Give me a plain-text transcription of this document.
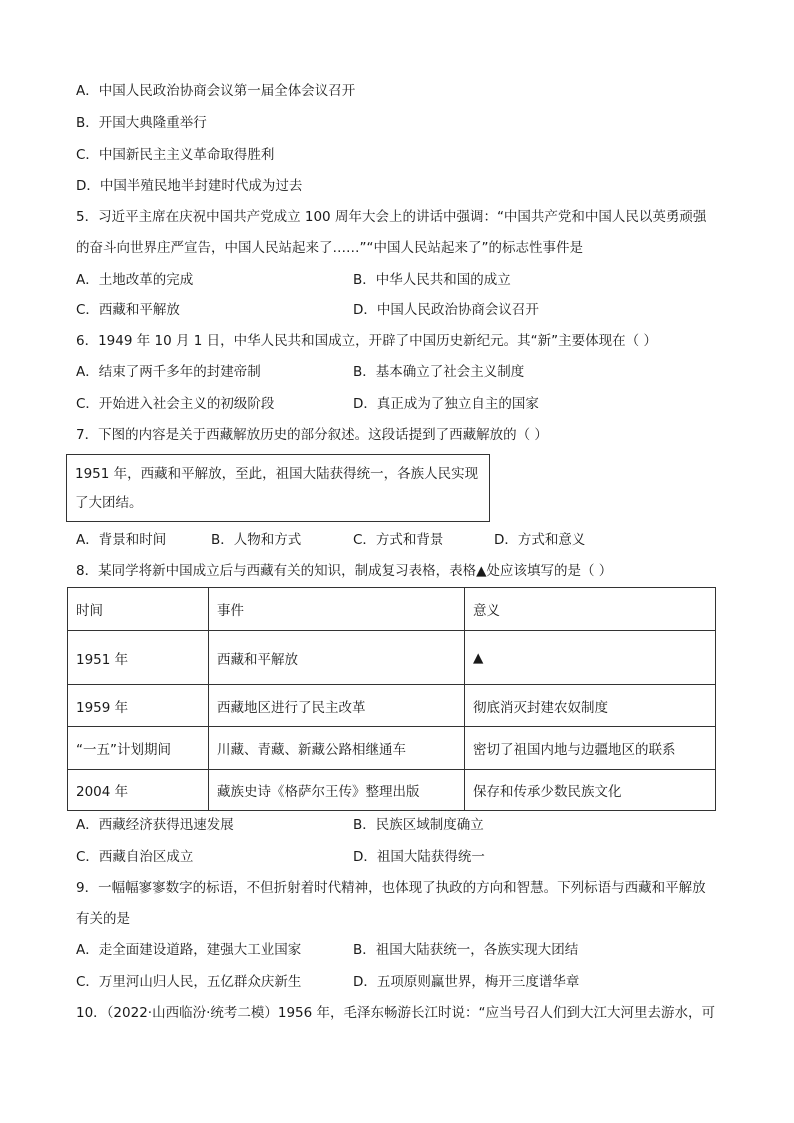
A．中国人民政治协商会议第一届全体会议召开
B．开国大典隆重举行
C．中国新民主主义革命取得胜利
D．中国半殖民地半封建时代成为过去
5．习近平主席在庆祝中国共产党成立 100 周年大会上的讲话中强调：“中国共产党和中国人民以英勇顽强
的奋斗向世界庄严宣告，中国人民站起来了……”“中国人民站起来了”的标志性事件是
A．土地改革的完成	B．中华人民共和国的成立
C．西藏和平解放	D．中国人民政治协商会议召开
6．1949 年 10 月 1 日，中华人民共和国成立，开辟了中国历史新纪元。其“新”主要体现在（ ）
A．结束了两千多年的封建帝制	B．基本确立了社会主义制度
C．开始进入社会主义的初级阶段	D．真正成为了独立自主的国家
7．下图的内容是关于西藏解放历史的部分叙述。这段话提到了西藏解放的（ ）
1951 年，西藏和平解放，至此，祖国大陆获得统一，各族人民实现
了大团结。
A．背景和时间	B．人物和方式	C．方式和背景	D．方式和意义
8．某同学将新中国成立后与西藏有关的知识，制成复习表格，表格▲处应该填写的是（ ）
时间	事件	意义
1951 年	西藏和平解放	▲
1959 年	西藏地区进行了民主改革	彻底消灭封建农奴制度
“一五”计划期间	川藏、青藏、新藏公路相继通车	密切了祖国内地与边疆地区的联系
2004 年	藏族史诗《格萨尔王传》整理出版	保存和传承少数民族文化
A．西藏经济获得迅速发展	B．民族区域制度确立
C．西藏自治区成立	D．祖国大陆获得统一
9．一幅幅寥寥数字的标语，不但折射着时代精神，也体现了执政的方向和智慧。下列标语与西藏和平解放
有关的是
A．走全面建设道路，建强大工业国家	B．祖国大陆获统一，各族实现大团结
C．万里河山归人民，五亿群众庆新生	D．五项原则赢世界，梅开三度谱华章
10．（2022·山西临汾·统考二模）1956 年，毛泽东畅游长江时说：“应当号召人们到大江大河里去游水，可
